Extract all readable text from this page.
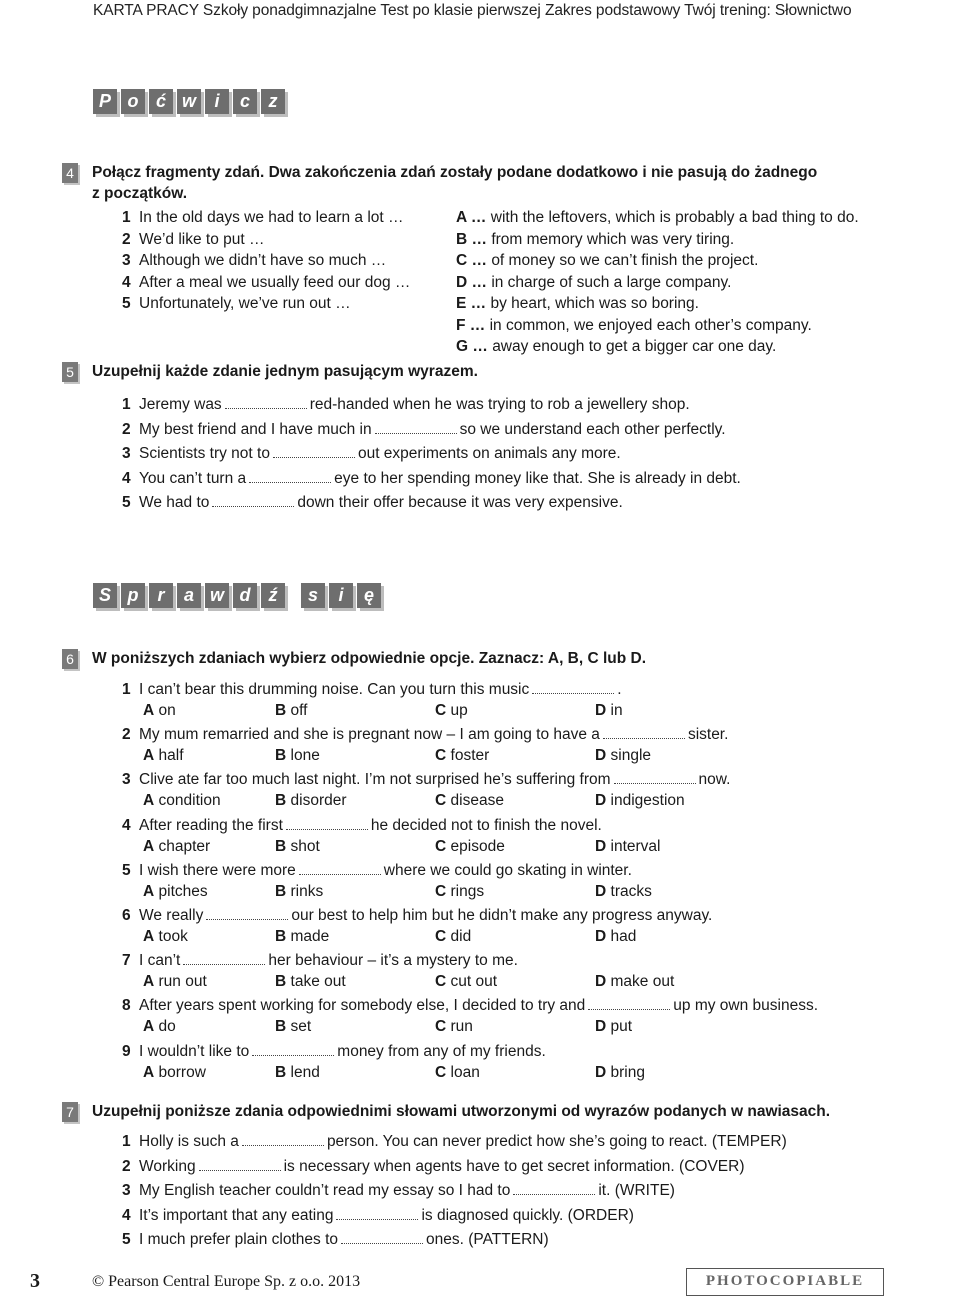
KARTA PRACY Szkoły ponadgimnazjalne Test po klasie pierwszej Zakres podstawowy Twój trening: Słownictwo
P o ć w	i	c	z
4 Połącz fragmenty zdań. Dwa zakończenia zdań zostały podane dodatkowo i nie pasują do żadnego
z początków.
1 In the old days we had to learn a lot …
2 We’d like to put …
3 Although we didn’t have so much …
4 After a meal we usually feed our dog …
5 Unfortunately, we’ve run out …
A … with the leftovers, which is probably a bad thing to do.
B … from memory which was very tiring.
C … of money so we can’t finish the project.
D … in charge of such a large company.
E … by heart, which was so boring.
F … in common, we enjoyed each other’s company.
G … away enough to get a bigger car one day.
5 Uzupełnij każde zdanie jednym pasującym wyrazem.
1 Jeremy was	red-handed when he was trying to rob a jewellery shop.
2 My best friend and I have much in	so we understand each other perfectly.
3 Scientists try not to	out experiments on animals any more.
4 You can’t turn a	eye to her spending money like that. She is already in debt.
5 We had to	down their offer because it was very expensive.
S p	r	a w d	ź	s	i	ę
6 W poniższych zdaniach wybierz odpowiednie opcje. Zaznacz: A, B, C lub D.
1 I can’t bear this drumming noise. Can you turn this music	.
A on	B off	C up	D in
2 My mum remarried and she is pregnant now – I am going to have a	sister.
A half	B lone	C foster	D single
3 Clive ate far too much last night. I’m not surprised he’s suffering from	now.
A condition	B disorder	C disease	D indigestion
4 After reading the first	he decided not to finish the novel.
A chapter	B shot	C episode	D interval
5 I wish there were more	where we could go skating in winter.
A pitches	B rinks	C rings	D tracks
6 We really	our best to help him but he didn’t make any progress anyway.
A took	B made	C did	D had
7 I can’t	her behaviour – it’s a mystery to me.
A run out	B take out	C cut out	D make out
8 After years spent working for somebody else, I decided to try and	up my own business.
A do	B set	C run	D put
9 I wouldn’t like to	money from any of my friends.
A borrow	B lend	C loan	D bring
7 Uzupełnij poniższe zdania odpowiednimi słowami utworzonymi od wyrazów podanych w nawiasach.
1 Holly is such a	person. You can never predict how she’s going to react. (TEMPER)
2 Working	is necessary when agents have to get secret information. (COVER)
3 My English teacher couldn’t read my essay so I had to	it. (WRITE)
4 It’s important that any eating	is diagnosed quickly. (ORDER)
5 I much prefer plain clothes to	ones. (PATTERN)
3	© Pearson Central Europe Sp. z o.o. 2013	PHOTOCOPIABLE
